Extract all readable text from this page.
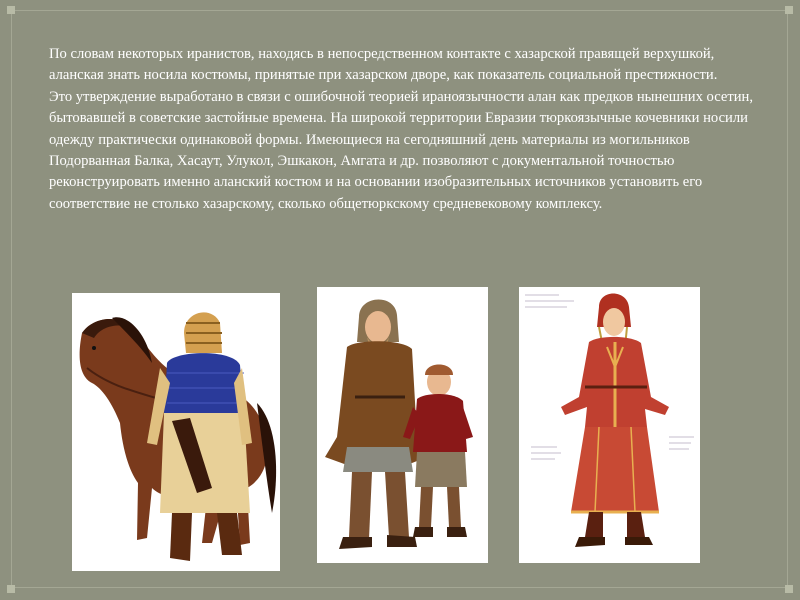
По словам некоторых иранистов, находясь в непосредственном контакте с хазарской правящей верхушкой, аланская знать носила костюмы, принятые при хазарском дворе, как показатель социальной престижности.

Это утверждение выработано в связи с ошибочной теорией ираноязычности алан как предков нынешних осетин, бытовавшей в советские застойные времена. На широкой территории Евразии тюркоязычные кочевники носили одежду практически одинаковой формы. Имеющиеся на сегодняшний день материалы из могильников Подорванная Балка, Хасаут, Улукол, Эшкакон, Амгата и др. позволяют с документальной точностью реконструировать именно аланский костюм и на основании изобразительных источников установить его соответствие не столько хазарскому, сколько общетюркскому средневековому комплексу.
